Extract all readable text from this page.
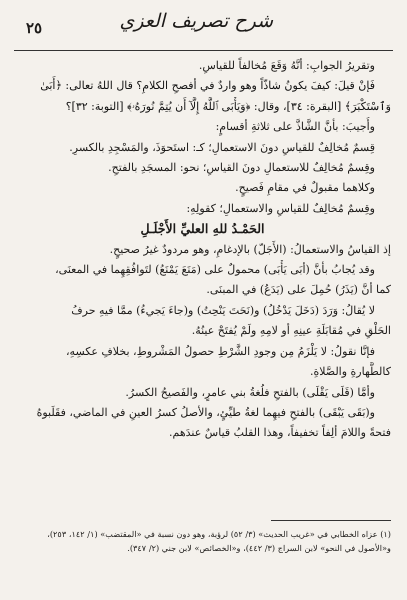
٢٥	شرح تصريف العزي
وتقريرُ الجوابِ: أنَّهُ وَقَعَ مُخالفاً للقياسِ.
فَإنْ قيلَ: كيفَ يكونُ شاذّاً وهو واردٌ في أفصحِ الكلامِ؟ قال اللهُ تعالى: ﴿أَبَىٰ
وَٱسْتَكْبَرَ﴾ [البقرة: ٣٤]، وقال: ﴿وَيَأْبَى ٱللَّهُ إِلَّآ أَن يُتِمَّ نُورَهُۥ﴾ [التوبة: ٣٢]؟
وأُجيبَ: بأنَّ الشَّاذَّ على ثلاثةِ أقسامٍ:
قِسمٌ مُخالِفٌ للقياسِ دونَ الاستعمالِ؛ كـ: استَحوَذَ، والمَسْجِدِ بالكسرِ.
وقِسمٌ مُخالِفٌ للاستعمالِ دونَ القياسِ؛ نحو: المسجَدِ بالفتحِ.
وكلاهما مقبولٌ في مقامِ فَصيحٍ.
وقِسمٌ مُخالِفٌ للقياسِ والاستعمالِ؛ كقولِهِ:
الحَمْـدُ للهِ العليِّ الأَجْلَـلِ
إذ القياسُ والاستعمالُ: (الأَجَلّ) بالإدغامِ، وهو مردودٌ غيرُ صحيحٍ.
وقد يُجابُ بأنَّ (أبَى يَأْبَى) محمولٌ على (مَنَعَ يَمْنَعُ) لتَوافُقِهِما في المعنَى،
كما أنَّ (يَذَرُ) حُمِلَ على (يَدَعُ) في المبنَى.
لا يُقالُ: وَرَدَ (دَخَلَ يَدْخُلُ) و(نَحَتَ يَنْحِتُ) و(جاءَ يَجيءُ) ممَّا فيهِ حرفُ
الحَلْقِ في مُقابَلَةِ عينِهِ أو لامِهِ ولَمْ يُفتَحْ عينُهُ.
فإنَّا نقولُ: لا يَلْزَمُ مِن وجودِ الشَّرْطِ حصولُ المَشْروطِ، بخلافِ عكسِهِ،
كالطَّهارةِ والصَّلاةِ.
وأمَّا (قَلَى يَقْلَى) بالفتحِ فلُغةُ بني عامرٍ، والفَصيحُ الكسرُ.
و(بَقَى يَبْقَى) بالفتحِ فيهِما لغةُ طيِّئٍ، والأصلُ كسرُ العينِ في الماضي، فقَلَبوهُ
فتحةً واللامَ ألِفاً تخفيفاً، وهذا القلبُ قياسٌ عندَهم.
(١) عزاه الخطابي في «غريب الحديث» (٣/ ٥٢) لرؤبة، وهو دون نسبة في «المقتضب» (١/ ١٤٢، ٢٥٣)،
و«الأصول في النحو» لابن السراج (٣/ ٤٤٢)، و«الخصائص» لابن جني (٢/ ٣٤٧).
